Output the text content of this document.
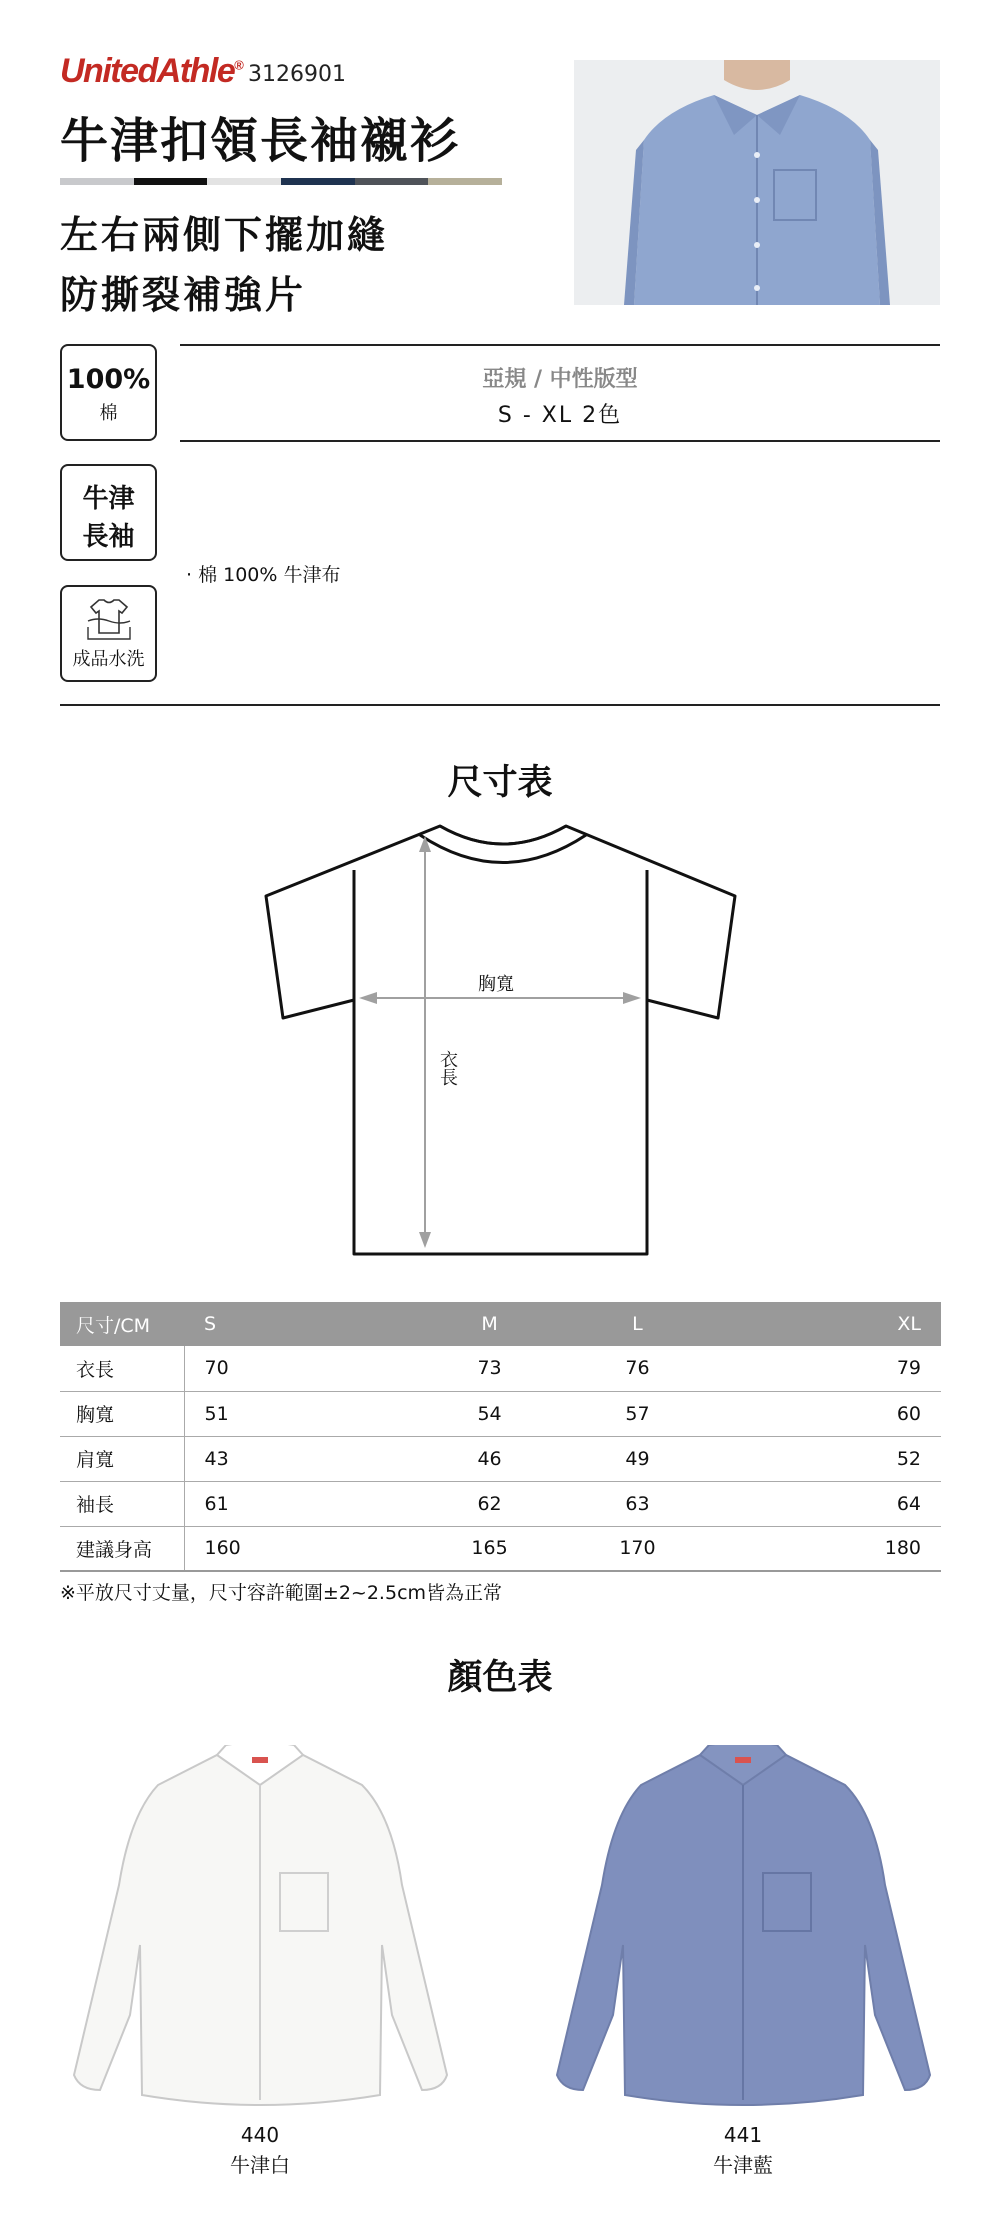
UnitedAthle® 3126901
牛津扣領長袖襯衫
左右兩側下擺加縫
防撕裂補強片
100%
棉
牛津
長袖
成品水洗
亞規 / 中性版型
S - XL 2色
‧ 棉 100% 牛津布
尺寸表
胸寬
衣長
尺寸/CM	S	M	L	XL
衣長	70	73	76	79
胸寬	51	54	57	60
肩寬	43	46	49	52
袖長	61	62	63	64
建議身高	160	165	170	180
※平放尺寸丈量，尺寸容許範圍±2~2.5cm皆為正常
顏色表
440
牛津白
441
牛津藍
